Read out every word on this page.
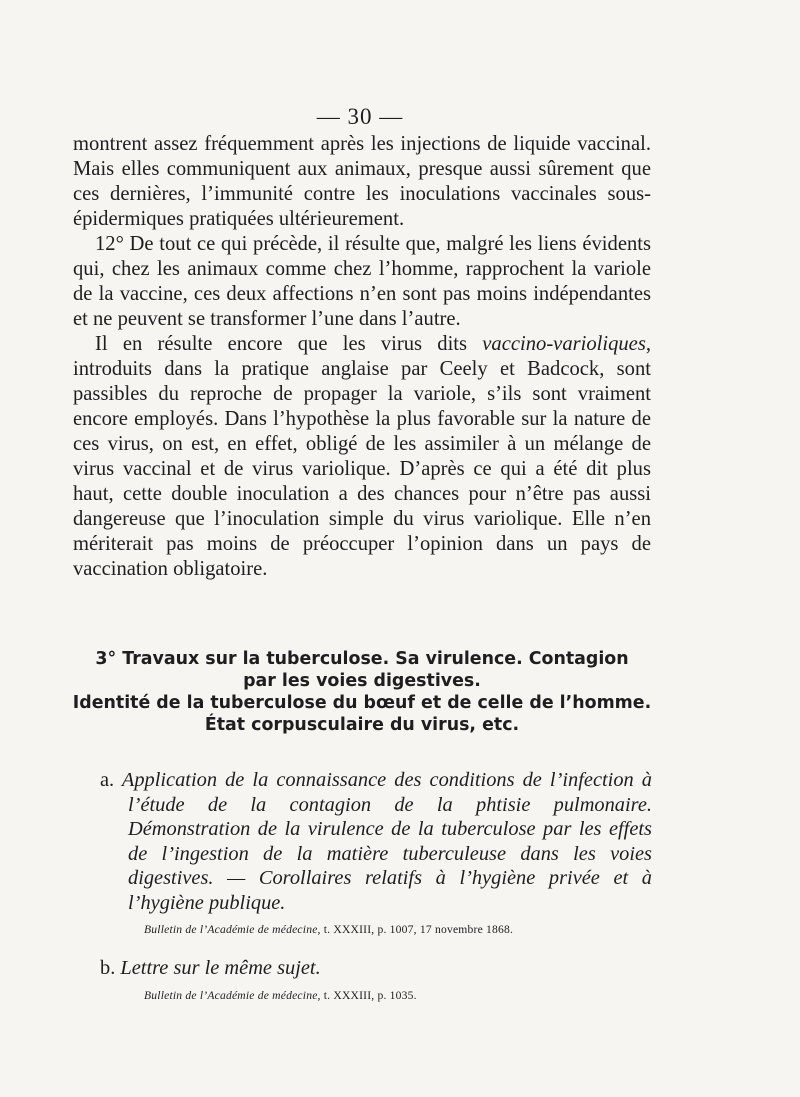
— 30 —

montrent assez fréquemment après les injections de liquide vaccinal. Mais elles communiquent aux animaux, presque aussi sûrement que ces dernières, l’immunité contre les inoculations vaccinales sous-épidermiques pratiquées ultérieurement.

12° De tout ce qui précède, il résulte que, malgré les liens évidents qui, chez les animaux comme chez l’homme, rapprochent la variole de la vaccine, ces deux affections n’en sont pas moins indépendantes et ne peuvent se transformer l’une dans l’autre.

Il en résulte encore que les virus dits vaccino-varioliques, introduits dans la pratique anglaise par Ceely et Badcock, sont passibles du reproche de propager la variole, s’ils sont vraiment encore employés. Dans l’hypothèse la plus favorable sur la nature de ces virus, on est, en effet, obligé de les assimiler à un mélange de virus vaccinal et de virus variolique. D’après ce qui a été dit plus haut, cette double inoculation a des chances pour n’être pas aussi dangereuse que l’inoculation simple du virus variolique. Elle n’en mériterait pas moins de préoccuper l’opinion dans un pays de vaccination obligatoire.

3° Travaux sur la tuberculose. Sa virulence. Contagion
par les voies digestives.
Identité de la tuberculose du bœuf et de celle de l’homme.
État corpusculaire du virus, etc.
a. Application de la connaissance des conditions de l’infection à l’étude de la contagion de la phtisie pulmonaire. Démonstration de la virulence de la tuberculose par les effets de l’ingestion de la matière tuberculeuse dans les voies digestives. — Corollaires relatifs à l’hygiène privée et à l’hygiène publique.
Bulletin de l’Académie de médecine, t. XXXIII, p. 1007, 17 novembre 1868.
b. Lettre sur le même sujet.
Bulletin de l’Académie de médecine, t. XXXIII, p. 1035.
